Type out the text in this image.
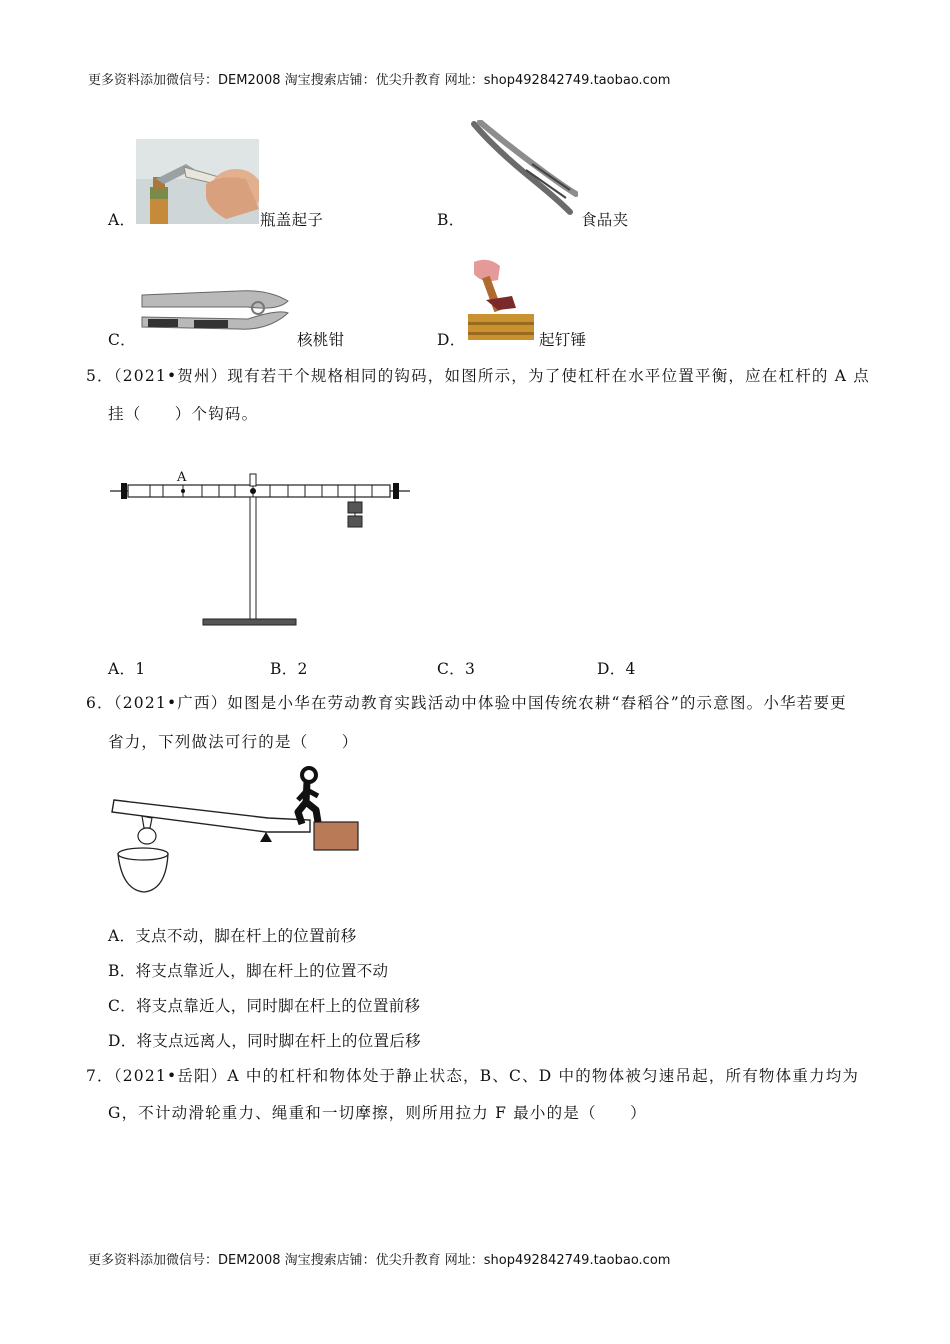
更多资料添加微信号：DEM2008 淘宝搜索店铺：优尖升教育 网址：shop492842749.taobao.com
A．	瓶盖起子	B．	食品夹
C．	核桃钳	D．	起钉锤
5．（2021•贺州）现有若干个规格相同的钩码，如图所示，为了使杠杆在水平位置平衡，应在杠杆的 A 点
挂（　　）个钩码。
A
A．1	B．2	C．3	D．4
6．（2021•广西）如图是小华在劳动教育实践活动中体验中国传统农耕“舂稻谷”的示意图。小华若要更
省力，下列做法可行的是（　　）
A．支点不动，脚在杆上的位置前移
B．将支点靠近人，脚在杆上的位置不动
C．将支点靠近人，同时脚在杆上的位置前移
D．将支点远离人，同时脚在杆上的位置后移
7．（2021•岳阳）A 中的杠杆和物体处于静止状态，B、C、D 中的物体被匀速吊起，所有物体重力均为
G，不计动滑轮重力、绳重和一切摩擦，则所用拉力 F 最小的是（　　）
更多资料添加微信号：DEM2008 淘宝搜索店铺：优尖升教育 网址：shop492842749.taobao.com
